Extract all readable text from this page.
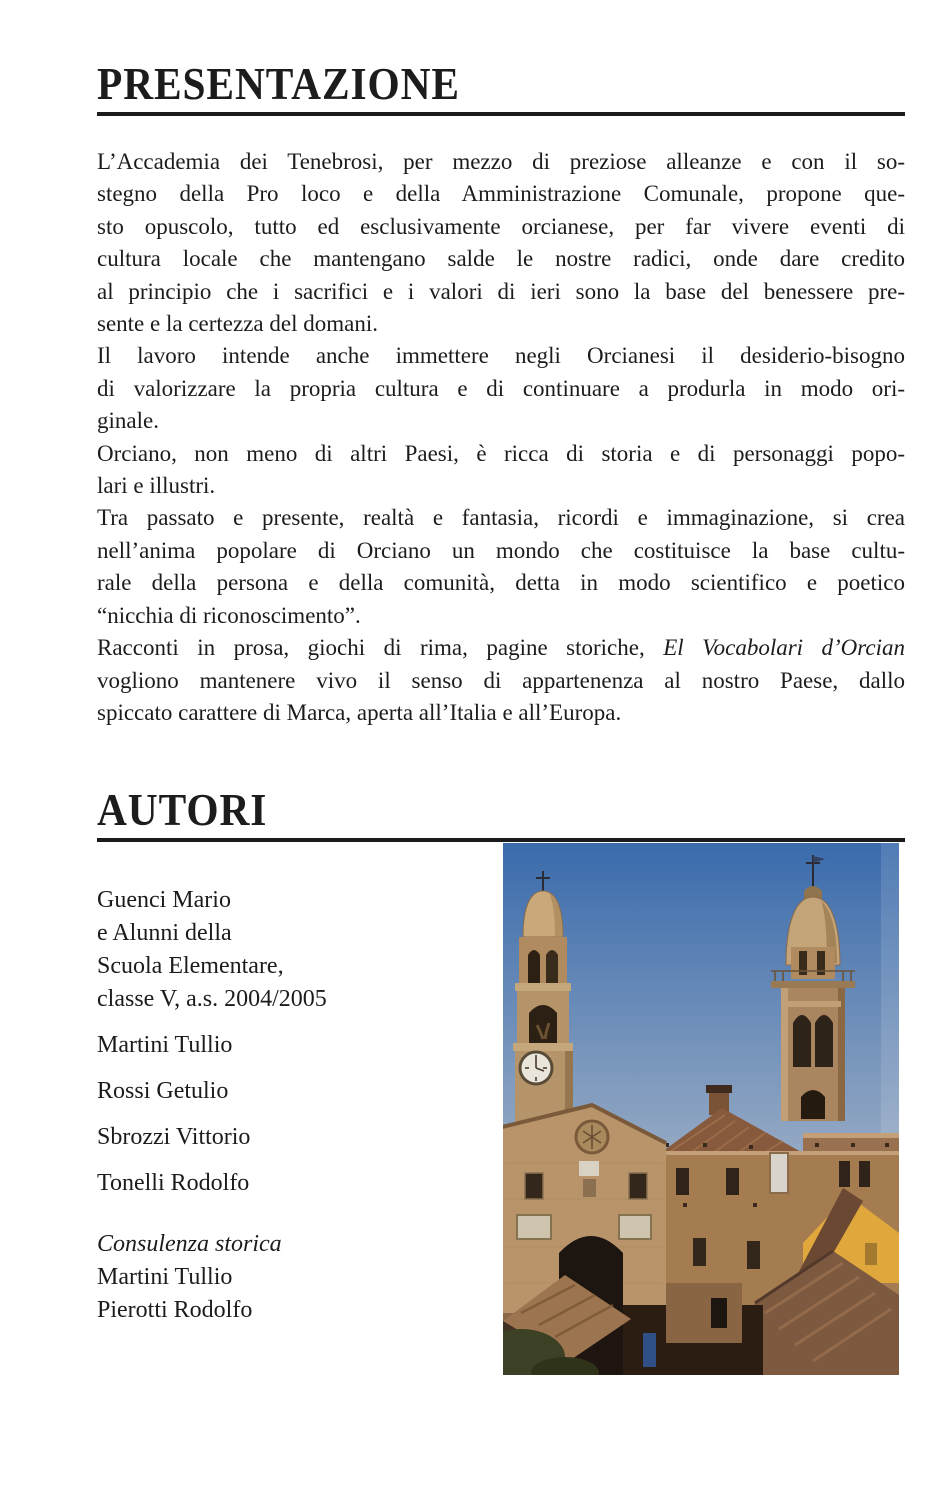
PRESENTAZIONE
L’Accademia dei Tenebrosi, per mezzo di preziose alleanze e con il so-
stegno della Pro loco e della Amministrazione Comunale, propone que-
sto opuscolo, tutto ed esclusivamente orcianese, per far vivere eventi di
cultura locale che mantengano salde le nostre radici, onde dare credito
al principio che i sacrifici e i valori di ieri sono la base del benessere pre-
sente e la certezza del domani.
Il lavoro intende anche immettere negli Orcianesi il desiderio-bisogno
di valorizzare la propria cultura e di continuare a produrla in modo ori-
ginale.
Orciano, non meno di altri Paesi, è ricca di storia e di personaggi popo-
lari e illustri.
Tra passato e presente, realtà e fantasia, ricordi e immaginazione, si crea
nell’anima popolare di Orciano un mondo che costituisce la base cultu-
rale della persona e della comunità, detta in modo scientifico e poetico
“nicchia di riconoscimento”.
Racconti in prosa, giochi di rima, pagine storiche, El Vocabolari d’Orcian
vogliono mantenere vivo il senso di appartenenza al nostro Paese, dallo
spiccato carattere di Marca, aperta all’Italia e all’Europa.
AUTORI
Guenci Mario
e Alunni della
Scuola Elementare,
classe V, a.s. 2004/2005
Martini Tullio
Rossi Getulio
Sbrozzi Vittorio
Tonelli Rodolfo
Consulenza storica
Martini Tullio
Pierotti Rodolfo
